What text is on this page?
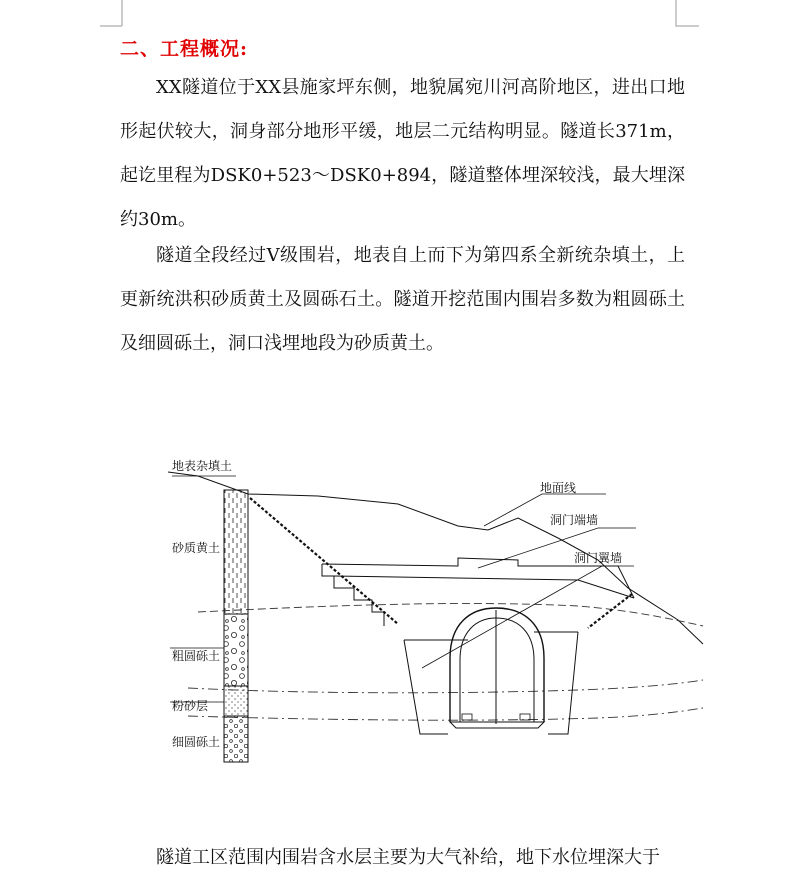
二、工程概况:

XX隧道位于XX县施家坪东侧，地貌属宛川河高阶地区，进出口地形起伏较大，洞身部分地形平缓，地层二元结构明显。隧道长371m，起讫里程为DSK0+523～DSK0+894，隧道整体埋深较浅，最大埋深约30m。

隧道全段经过Ⅴ级围岩，地表自上而下为第四系全新统杂填土，上更新统洪积砂质黄土及圆砾石土。隧道开挖范围内围岩多数为粗圆砾土及细圆砾土，洞口浅埋地段为砂质黄土。

地表杂填土
砂质黄土
粗圆砾土
粉砂层
细圆砾土
地面线
洞门端墙
洞门翼墙

隧道工区范围内围岩含水层主要为大气补给，地下水位埋深大于
